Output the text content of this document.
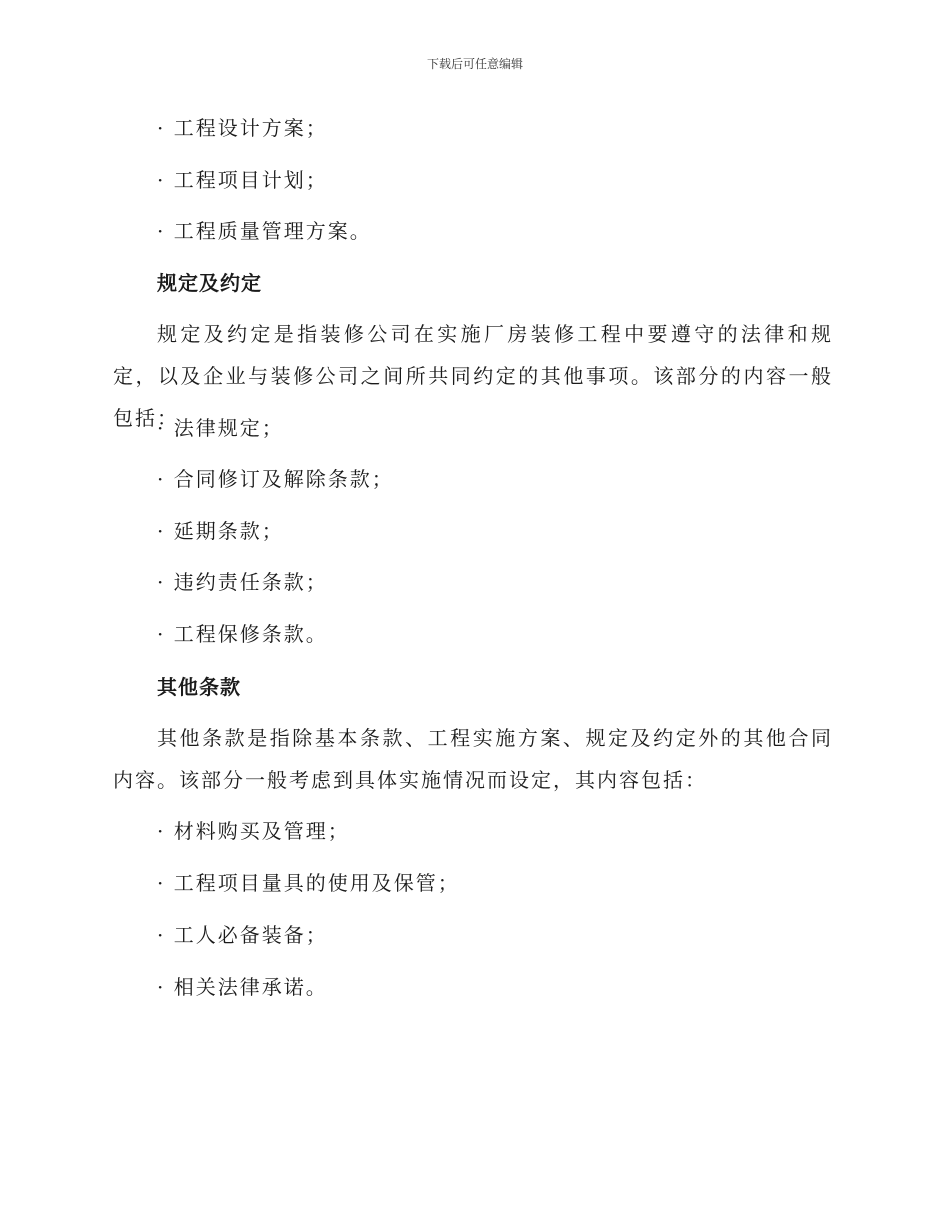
下载后可任意编辑
· 工程设计方案；
· 工程项目计划；
· 工程质量管理方案。
规定及约定
规定及约定是指装修公司在实施厂房装修工程中要遵守的法律和规定，以及企业与装修公司之间所共同约定的其他事项。该部分的内容一般包括：
· 法律规定；
· 合同修订及解除条款；
· 延期条款；
· 违约责任条款；
· 工程保修条款。
其他条款
其他条款是指除基本条款、工程实施方案、规定及约定外的其他合同内容。该部分一般考虑到具体实施情况而设定，其内容包括：
· 材料购买及管理；
· 工程项目量具的使用及保管；
· 工人必备装备；
· 相关法律承诺。
